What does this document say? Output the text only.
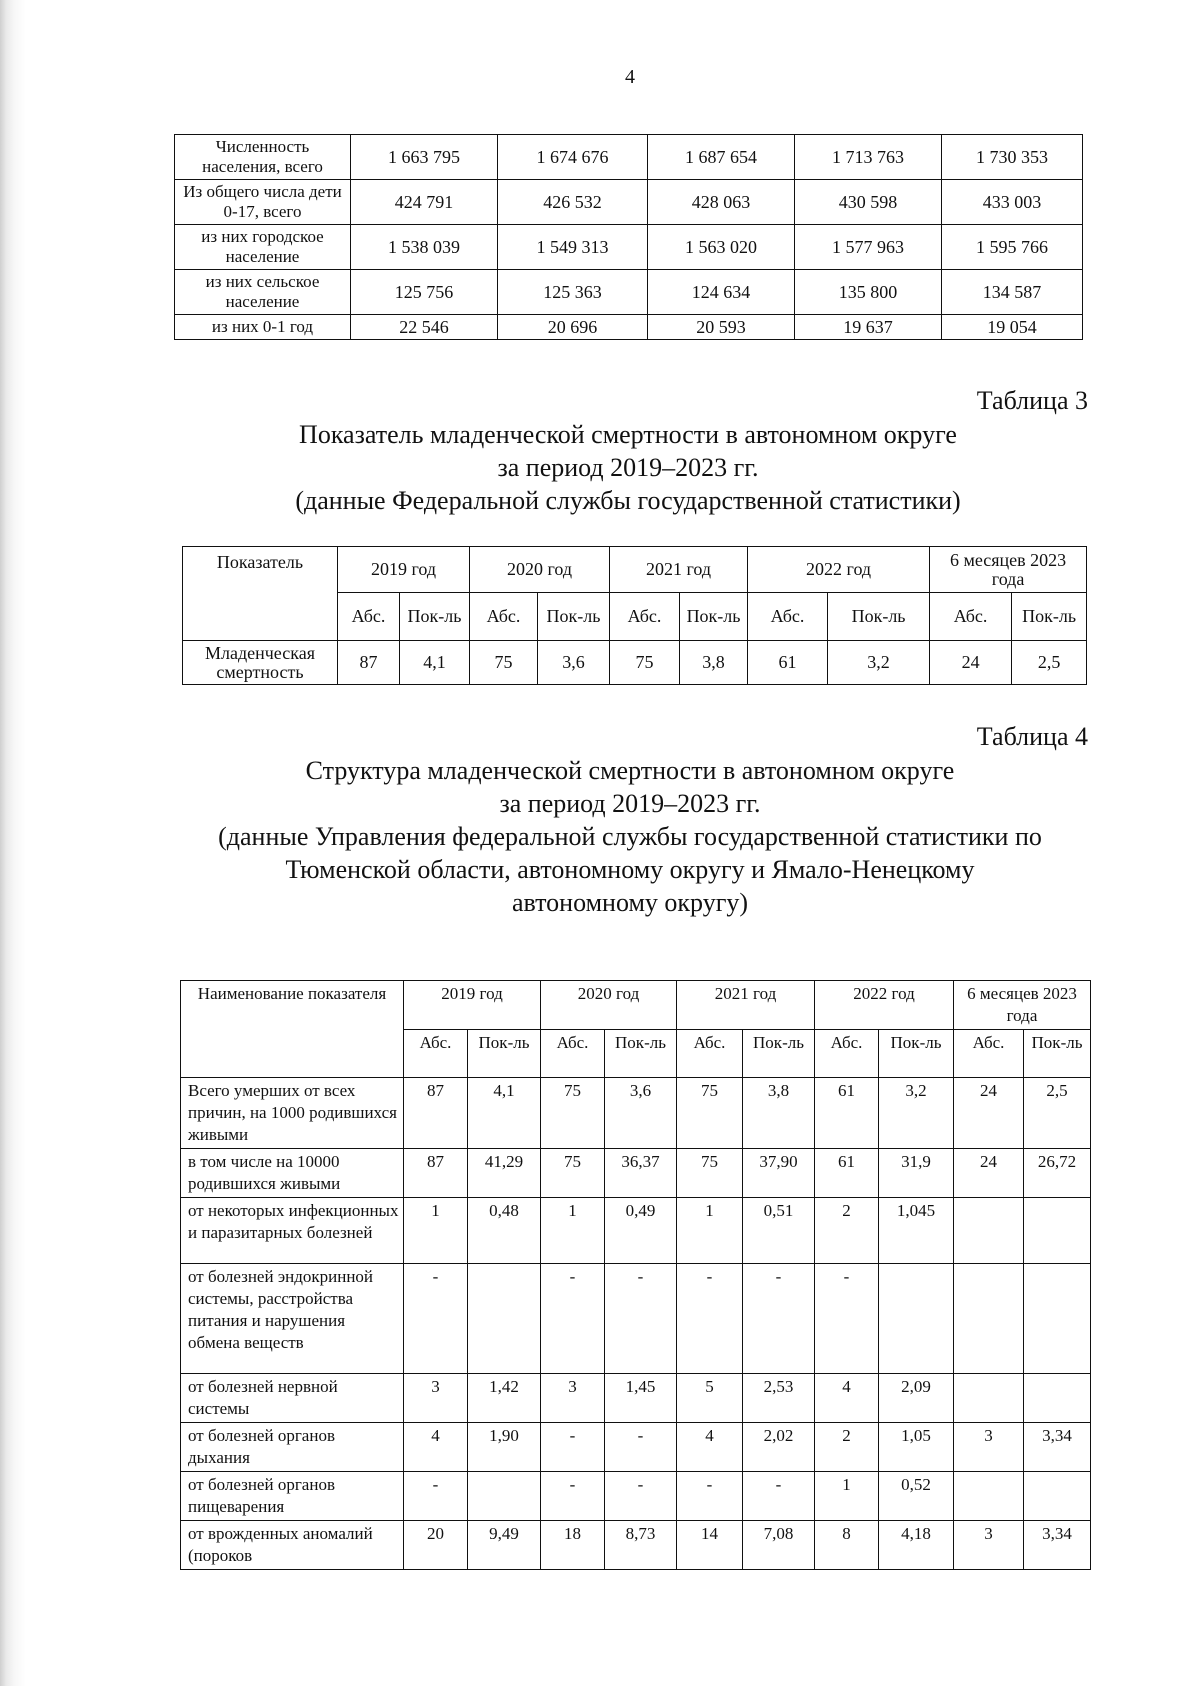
4
Численность населения, всего	1 663 795	1 674 676	1 687 654	1 713 763	1 730 353
Из общего числа дети 0-17, всего	424 791	426 532	428 063	430 598	433 003
из них городское население	1 538 039	1 549 313	1 563 020	1 577 963	1 595 766
из них сельское население	125 756	125 363	124 634	135 800	134 587
из них 0-1 год	22 546	20 696	20 593	19 637	19 054
Таблица 3
Показатель младенческой смертности в автономном округе
за период 2019–2023 гг.
(данные Федеральной службы государственной статистики)
Показатель	2019 год		2020 год		2021 год		2022 год		6 месяцев 2023 года	
	Абс.	Пок-ль	Абс.	Пок-ль	Абс.	Пок-ль	Абс.	Пок-ль	Абс.	Пок-ль
Младенческая смертность	87	4,1	75	3,6	75	3,8	61	3,2	24	2,5
Таблица 4
Структура младенческой смертности в автономном округе
за период 2019–2023 гг.
(данные Управления федеральной службы государственной статистики по
Тюменской области, автономному округу и Ямало-Ненецкому
автономному округу)
Наименование показателя	2019 год		2020 год		2021 год		2022 год		6 месяцев 2023 года	
	Абс.	Пок-ль	Абс.	Пок-ль	Абс.	Пок-ль	Абс.	Пок-ль	Абс.	Пок-ль
Всего умерших от всех причин, на 1000 родившихся живыми	87	4,1	75	3,6	75	3,8	61	3,2	24	2,5
в том числе на 10000 родившихся живыми	87	41,29	75	36,37	75	37,90	61	31,9	24	26,72
от некоторых инфекционных и паразитарных болезней	1	0,48	1	0,49	1	0,51	2	1,045		
от болезней эндокринной системы, расстройства питания и нарушения обмена веществ	-		-	-	-	-	-			
от болезней нервной системы	3	1,42	3	1,45	5	2,53	4	2,09		
от болезней органов дыхания	4	1,90	-	-	4	2,02	2	1,05	3	3,34
от болезней органов пищеварения	-		-	-	-	-	1	0,52		
от врожденных аномалий (пороков	20	9,49	18	8,73	14	7,08	8	4,18	3	3,34
